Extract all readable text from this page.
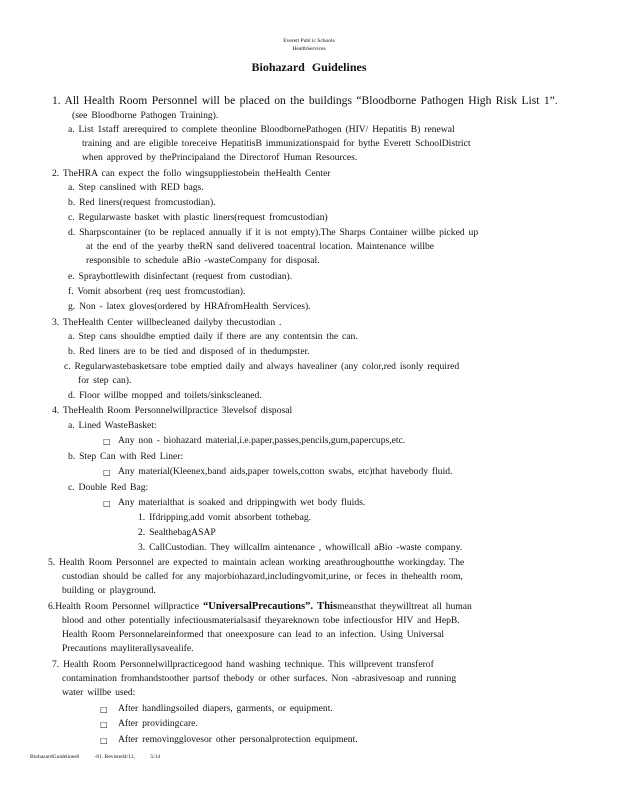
Everett Publ ic Schools
HealthServices
Biohazard Guidelines
1. All Health Room Personnel will be placed on the buildings “Bloodborne Pathogen High Risk List 1”.
(see Bloodborne Pathogen Training).
a. List 1staff arerequired to complete theonline BloodbornePathogen (HIV/ Hepatitis B) renewal
training and are eligible toreceive HepatitisB immunizationspaid for bythe Everett SchoolDistrict
when approved by thePrincipaland the Directorof Human Resources.
2. TheHRA can expect the follo wingsuppliestobein theHealth Center
a. Step canslined with RED bags.
b. Red liners(request fromcustodian).
c. Regularwaste basket with plastic liners(request fromcustodian)
d. Sharpscontainer (to be replaced annually if it is not empty).The Sharps Container willbe picked up
at the end of the yearby theRN sand delivered toacentral location. Maintenance willbe
responsible to schedule aBio -wasteCompany for disposal.
e. Spraybottlewith disinfectant (request from custodian).
f. Vomit absorbent (req uest fromcustodian).
g. Non - latex gloves(ordered by HRAfromHealth Services).
3. TheHealth Center willbecleaned dailyby thecustodian .
a. Step cans shouldbe emptied daily if there are any contentsin the can.
b. Red liners are to be tied and disposed of in thedumpster.
c. Regularwastebasketsare tobe emptied daily and always havealiner (any color,red isonly required
for step can).
d. Floor willbe mopped and toilets/sinkscleaned.
4. TheHealth Room Personnelwillpractice 3levelsof disposal
a. Lined WasteBasket:
□ Any non - biohazard material,i.e.paper,passes,pencils,gum,papercups,etc.
b. Step Can with Red Liner:
□ Any material(Kleenex,band aids,paper towels,cotton swabs, etc)that havebody fluid.
c. Double Red Bag:
□ Any materialthat is soaked and drippingwith wet body fluids.
1. Ifdripping,add vomit absorbent tothebag.
2. SealthebagASAP
3. CallCustodian. They willcallm aintenance , whowillcall aBio -waste company.
5. Health Room Personnel are expected to maintain aclean working areathroughoutthe workingday. The
custodian should be called for any majorbiohazard,includingvomit,urine, or feces in thehealth room,
building or playground.
6.Health Room Personnel willpractice “UniversalPrecautions”. Thismeansthat theywilltreat all human
blood and other potentially infectiousmaterialsasif theyareknown tobe infectiousfor HIV and HepB.
Health Room Personnelareinformed that oneexposure can lead to an infection. Using Universal
Precautions mayliterallysavealife.
7. Health Room Personnelwillpracticegood hand washing technique. This willprevent transferof
contamination fromhandstoother partsof thebody or other surfaces. Non -abrasivesoap and running
water willbe used:
□ After handlingsoiled diapers, garments, or equipment.
□ After providingcare.
□ After removingglovesor other personalprotection equipment.
BiohazardGuidelines8	-01. Revisted4/12,	5/14
